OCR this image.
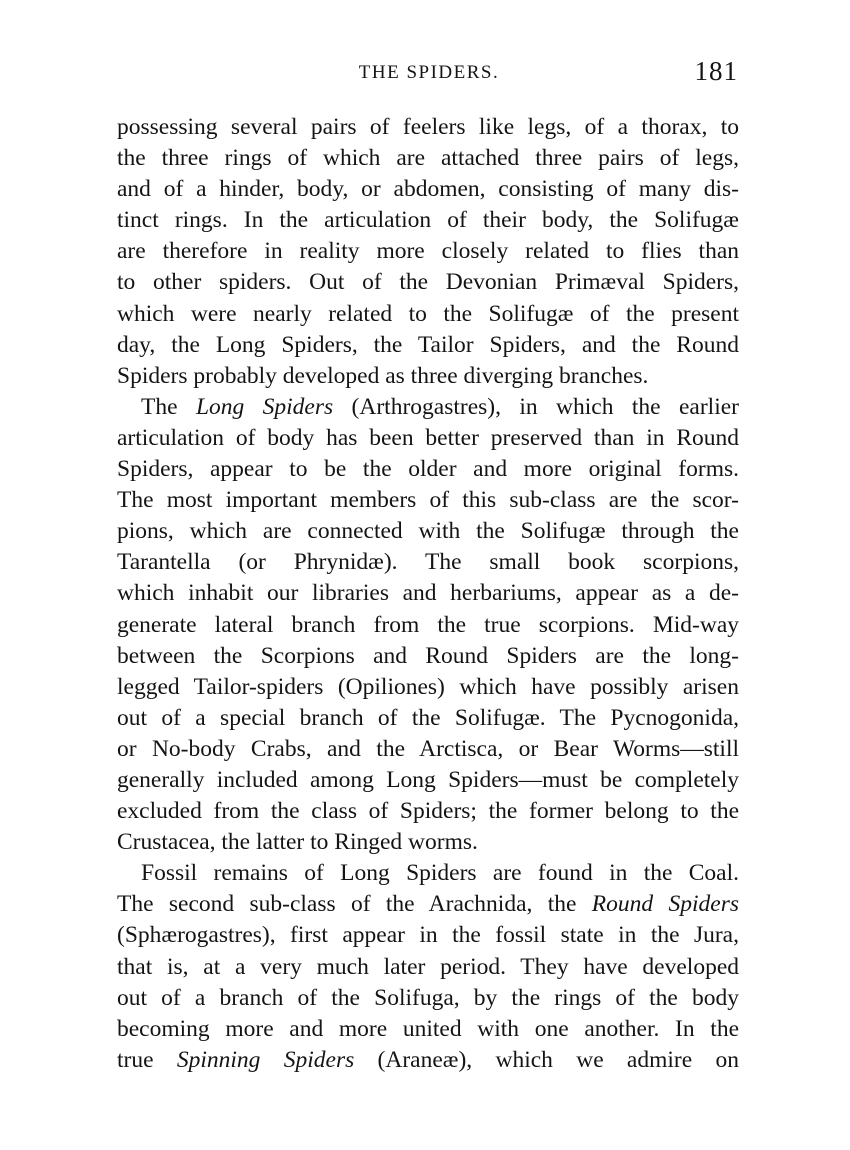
THE SPIDERS.	181
possessing several pairs of feelers like legs, of a thorax, to
the three rings of which are attached three pairs of legs,
and of a hinder, body, or abdomen, consisting of many dis-
tinct rings. In the articulation of their body, the Solifugæ
are therefore in reality more closely related to flies than
to other spiders. Out of the Devonian Primæval Spiders,
which were nearly related to the Solifugæ of the present
day, the Long Spiders, the Tailor Spiders, and the Round
Spiders probably developed as three diverging branches.
The Long Spiders (Arthrogastres), in which the earlier
articulation of body has been better preserved than in Round
Spiders, appear to be the older and more original forms.
The most important members of this sub-class are the scor-
pions, which are connected with the Solifugæ through the
Tarantella (or Phrynidæ). The small book scorpions,
which inhabit our libraries and herbariums, appear as a de-
generate lateral branch from the true scorpions. Mid-way
between the Scorpions and Round Spiders are the long-
legged Tailor-spiders (Opiliones) which have possibly arisen
out of a special branch of the Solifugæ. The Pycnogonida,
or No-body Crabs, and the Arctisca, or Bear Worms—still
generally included among Long Spiders—must be completely
excluded from the class of Spiders; the former belong to the
Crustacea, the latter to Ringed worms.
Fossil remains of Long Spiders are found in the Coal.
The second sub-class of the Arachnida, the Round Spiders
(Sphærogastres), first appear in the fossil state in the Jura,
that is, at a very much later period. They have developed
out of a branch of the Solifuga, by the rings of the body
becoming more and more united with one another. In the
true Spinning Spiders (Araneæ), which we admire on
